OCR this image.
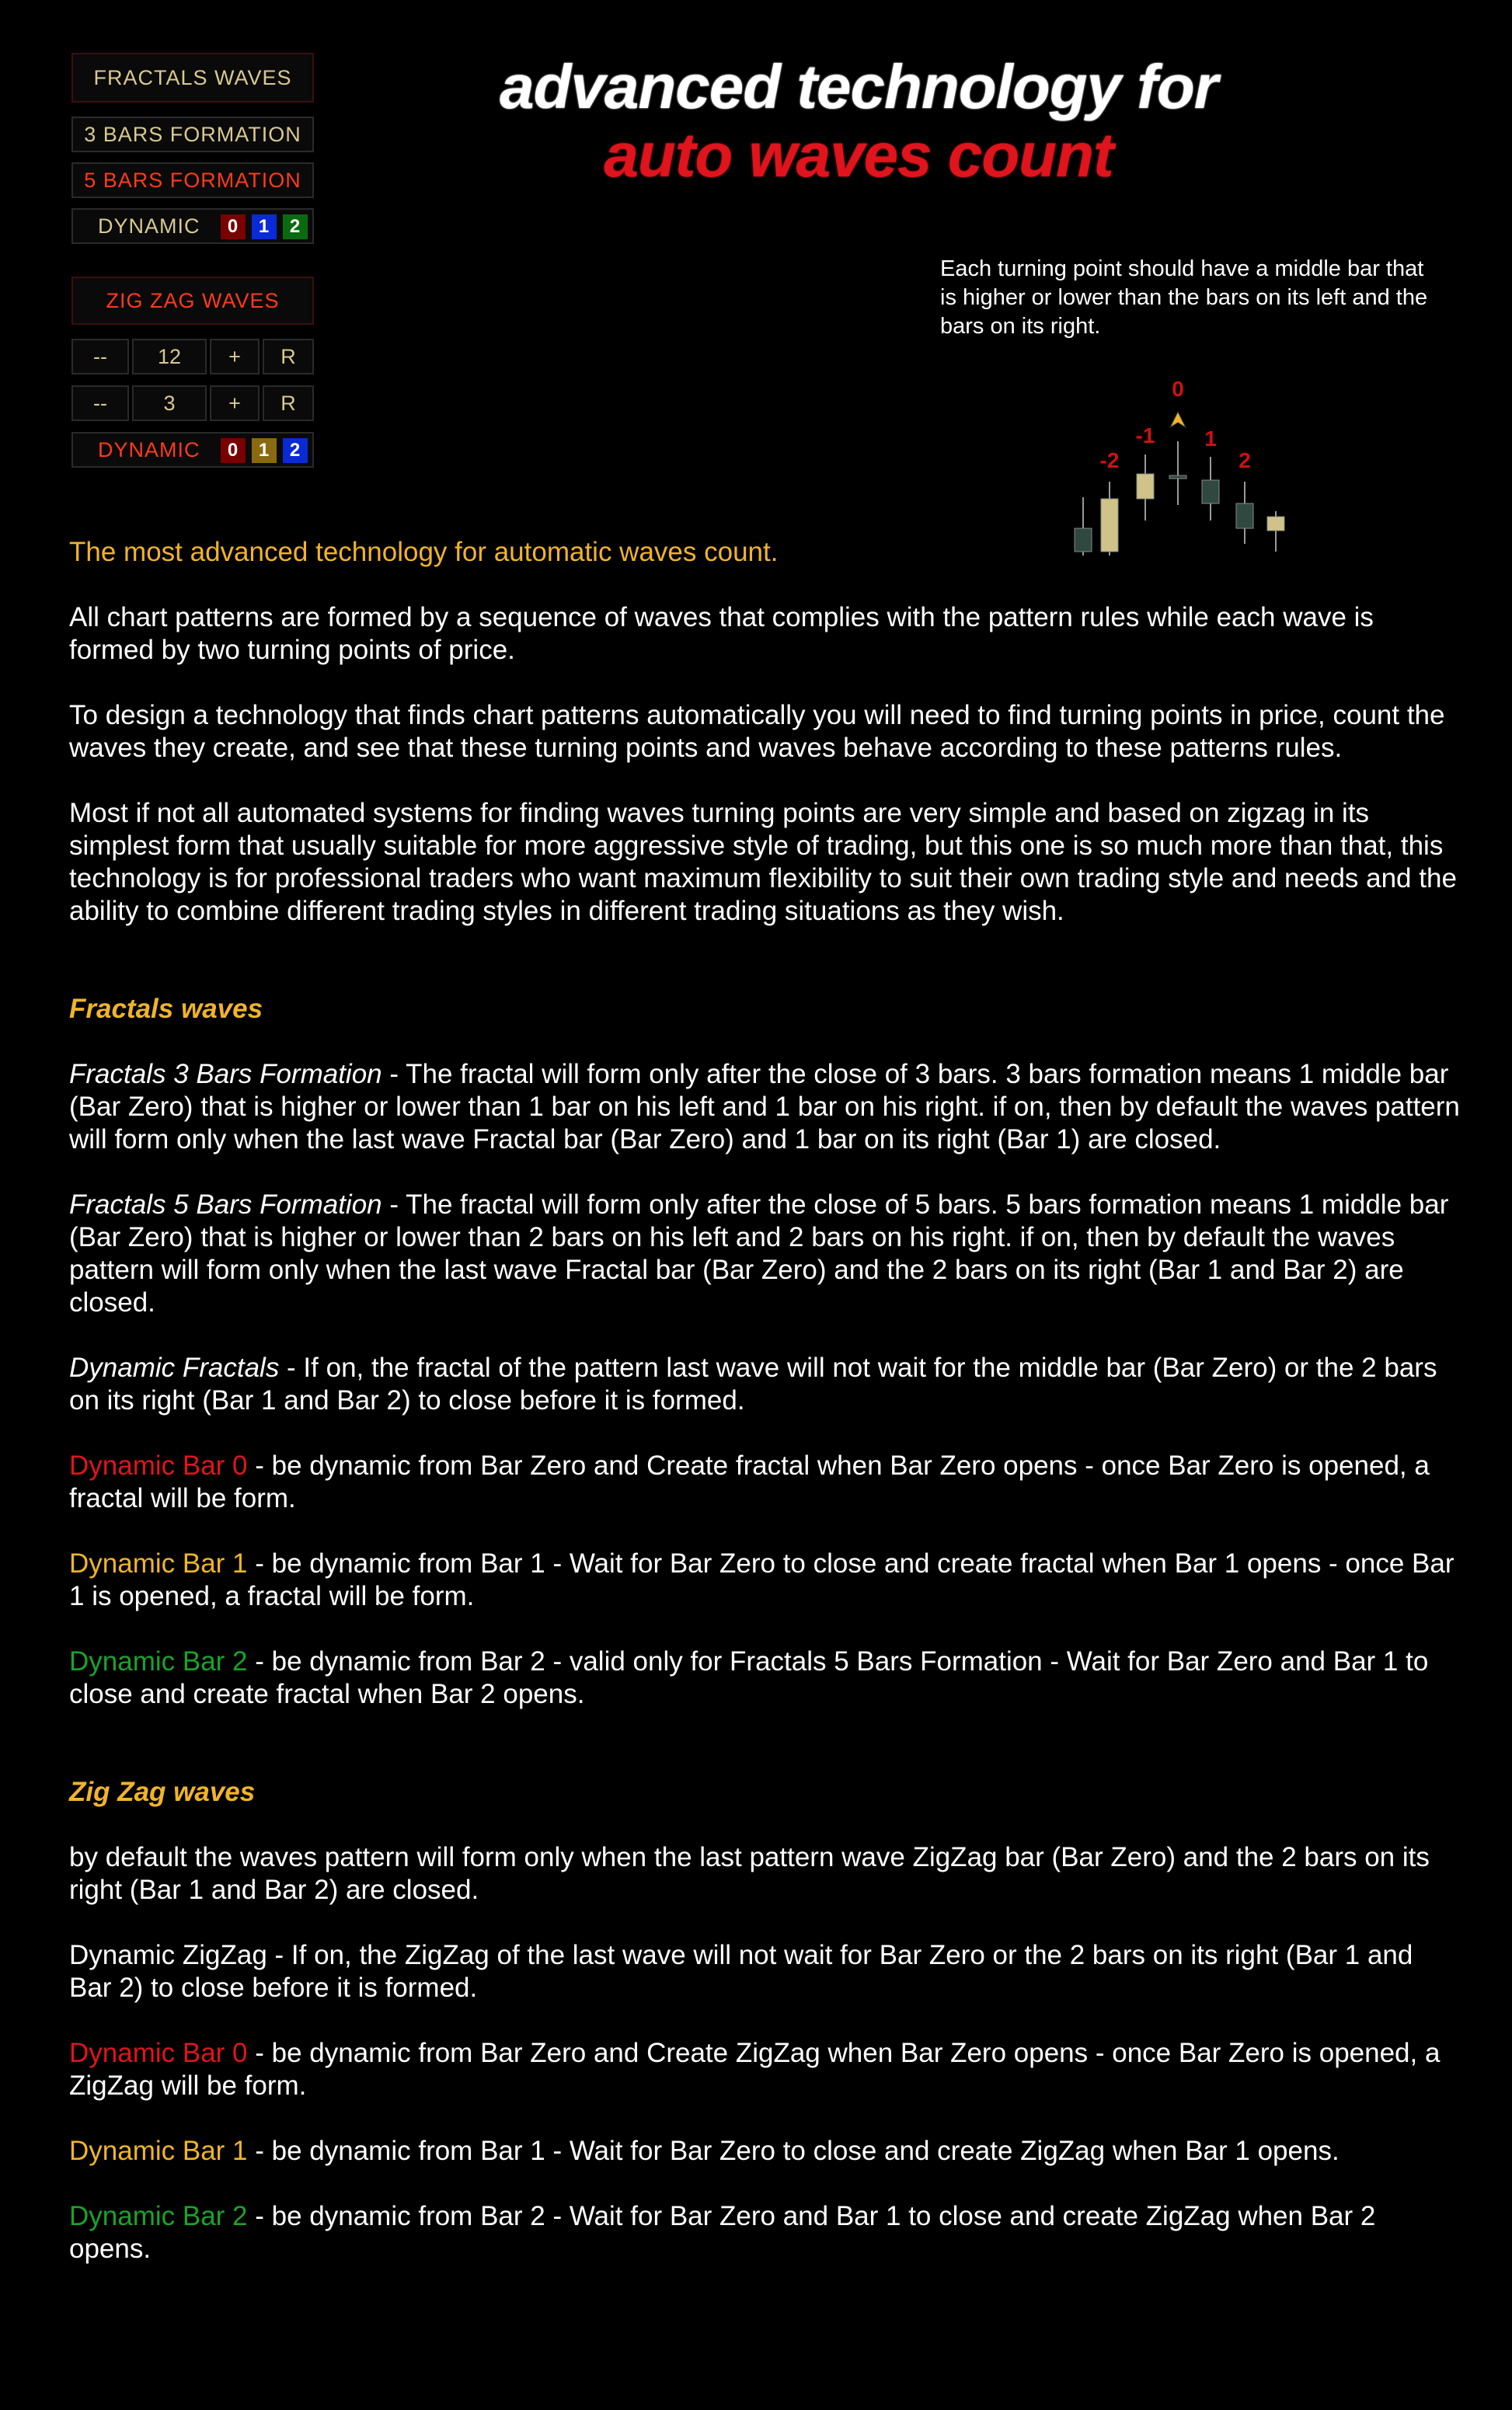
FRACTALS WAVES
3 BARS FORMATION
5 BARS FORMATION
DYNAMIC	0	1	2
ZIG ZAG WAVES
--	12	+	R
--	3	+	R
DYNAMIC	0	1	2
advanced technology for
auto waves count
Each turning point should have a middle bar that is higher or lower than the bars on its left and the bars on its right.
-2
-1
0
1
2

The most advanced technology for automatic waves count.

All chart patterns are formed by a sequence of waves that complies with the pattern rules while each wave is formed by two turning points of price.

To design a technology that finds chart patterns automatically you will need to find turning points in price, count the waves they create, and see that these turning points and waves behave according to these patterns rules.

Most if not all automated systems for finding waves turning points are very simple and based on zigzag in its simplest form that usually suitable for more aggressive style of trading, but this one is so much more than that, this technology is for professional traders who want maximum flexibility to suit their own trading style and needs and the ability to combine different trading styles in different trading situations as they wish.

Fractals waves

Fractals 3 Bars Formation - The fractal will form only after the close of 3 bars. 3 bars formation means 1 middle bar (Bar Zero) that is higher or lower than 1 bar on his left and 1 bar on his right. if on, then by default the waves pattern will form only when the last wave Fractal bar (Bar Zero) and 1 bar on its right (Bar 1) are closed.

Fractals 5 Bars Formation - The fractal will form only after the close of 5 bars. 5 bars formation means 1 middle bar (Bar Zero) that is higher or lower than 2 bars on his left and 2 bars on his right. if on, then by default the waves pattern will form only when the last wave Fractal bar (Bar Zero) and the 2 bars on its right (Bar 1 and Bar 2) are closed.

Dynamic Fractals - If on, the fractal of the pattern last wave will not wait for the middle bar (Bar Zero) or the 2 bars on its right (Bar 1 and Bar 2) to close before it is formed.

Dynamic Bar 0 - be dynamic from Bar Zero and Create fractal when Bar Zero opens - once Bar Zero is opened, a fractal will be form.

Dynamic Bar 1 - be dynamic from Bar 1 - Wait for Bar Zero to close and create fractal when Bar 1 opens - once Bar 1 is opened, a fractal will be form.

Dynamic Bar 2 - be dynamic from Bar 2 - valid only for Fractals 5 Bars Formation - Wait for Bar Zero and Bar 1 to close and create fractal when Bar 2 opens.

Zig Zag waves

by default the waves pattern will form only when the last pattern wave ZigZag bar (Bar Zero) and the 2 bars on its right (Bar 1 and Bar 2) are closed.

Dynamic ZigZag - If on, the ZigZag of the last wave will not wait for Bar Zero or the 2 bars on its right (Bar 1 and Bar 2) to close before it is formed.

Dynamic Bar 0 - be dynamic from Bar Zero and Create ZigZag when Bar Zero opens - once Bar Zero is opened, a ZigZag will be form.

Dynamic Bar 1 - be dynamic from Bar 1 - Wait for Bar Zero to close and create ZigZag when Bar 1 opens.

Dynamic Bar 2 - be dynamic from Bar 2 - Wait for Bar Zero and Bar 1 to close and create ZigZag when Bar 2 opens.
